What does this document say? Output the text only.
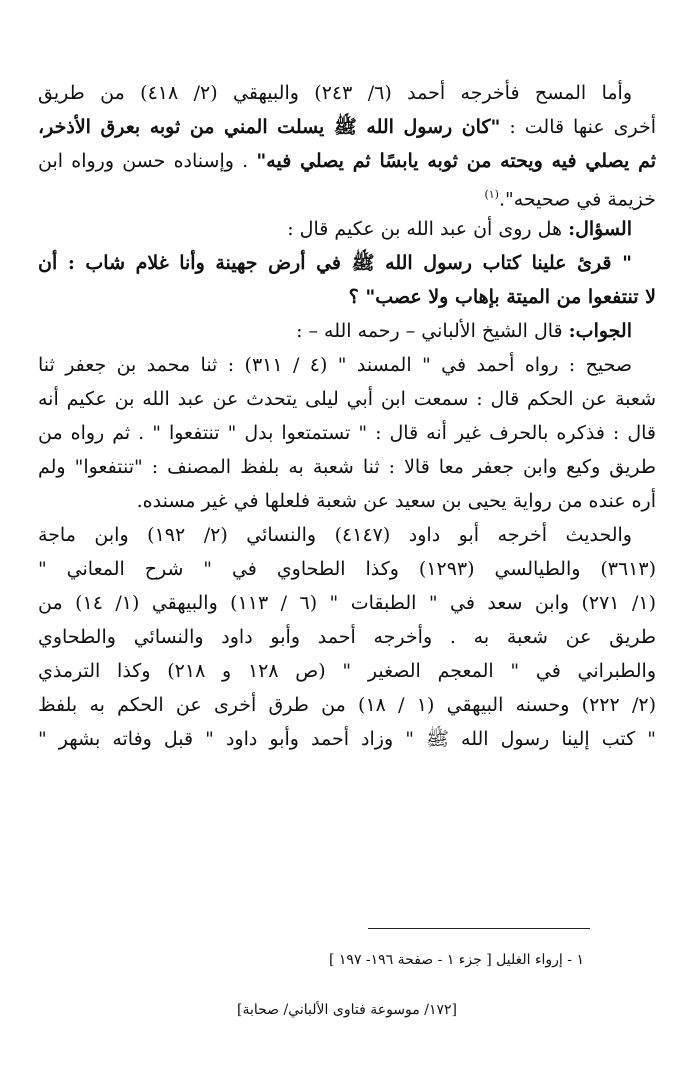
وأما المسح فأخرجه أحمد (٦/ ٢٤٣) والبيهقي (٢/ ٤١٨) من طريق
أخرى عنها قالت : "كان رسول الله ﷺ يسلت المني من ثوبه بعرق الأذخر،
ثم يصلي فيه ويحته من ثوبه يابسًا ثم يصلي فيه" . وإسناده حسن ورواه ابن
خزيمة في صحيحه".$^{(١)}$
السؤال: هل روى أن عبد الله بن عكيم قال :
" قرئ علينا كتاب رسول الله ﷺ في أرض جهينة وأنا غلام شاب : أن
لا تنتفعوا من الميتة بإهاب ولا عصب" ؟
الجواب: قال الشيخ الألباني – رحمه الله – :
صحيح : رواه أحمد في " المسند " (٤ / ٣١١) : ثنا محمد بن جعفر ثنا
شعبة عن الحكم قال : سمعت ابن أبي ليلى يتحدث عن عبد الله بن عكيم أنه
قال : فذكره بالحرف غير أنه قال : " تستمتعوا بدل " تنتفعوا " . ثم رواه من
طريق وكيع وابن جعفر معا قالا : ثنا شعبة به بلفظ المصنف : "تنتفعوا" ولم
أره عنده من رواية يحيى بن سعيد عن شعبة فلعلها في غير مسنده.
والحديث أخرجه أبو داود (٤١٤٧) والنسائي (٢/ ١٩٢) وابن ماجة
(٣٦١٣) والطيالسي (١٢٩٣) وكذا الطحاوي في " شرح المعاني "
(١/ ٢٧١) وابن سعد في " الطبقات " (٦ / ١١٣) والبيهقي (١/ ١٤) من
طريق عن شعبة به . وأخرجه أحمد وأبو داود والنسائي والطحاوي
والطبراني في " المعجم الصغير " (ص ١٢٨ و ٢١٨) وكذا الترمذي
(٢/ ٢٢٢) وحسنه البيهقي (١ / ١٨) من طرق أخرى عن الحكم به بلفظ
" كتب إلينا رسول الله ﷺ " وزاد أحمد وأبو داود " قبل وفاته بشهر "
١ - إرواء الغليل [ جزء ١ - صفحة ١٩٦- ١٩٧ ]
[١٧٢/ موسوعة فتاوى الألباني/ صحابة]
